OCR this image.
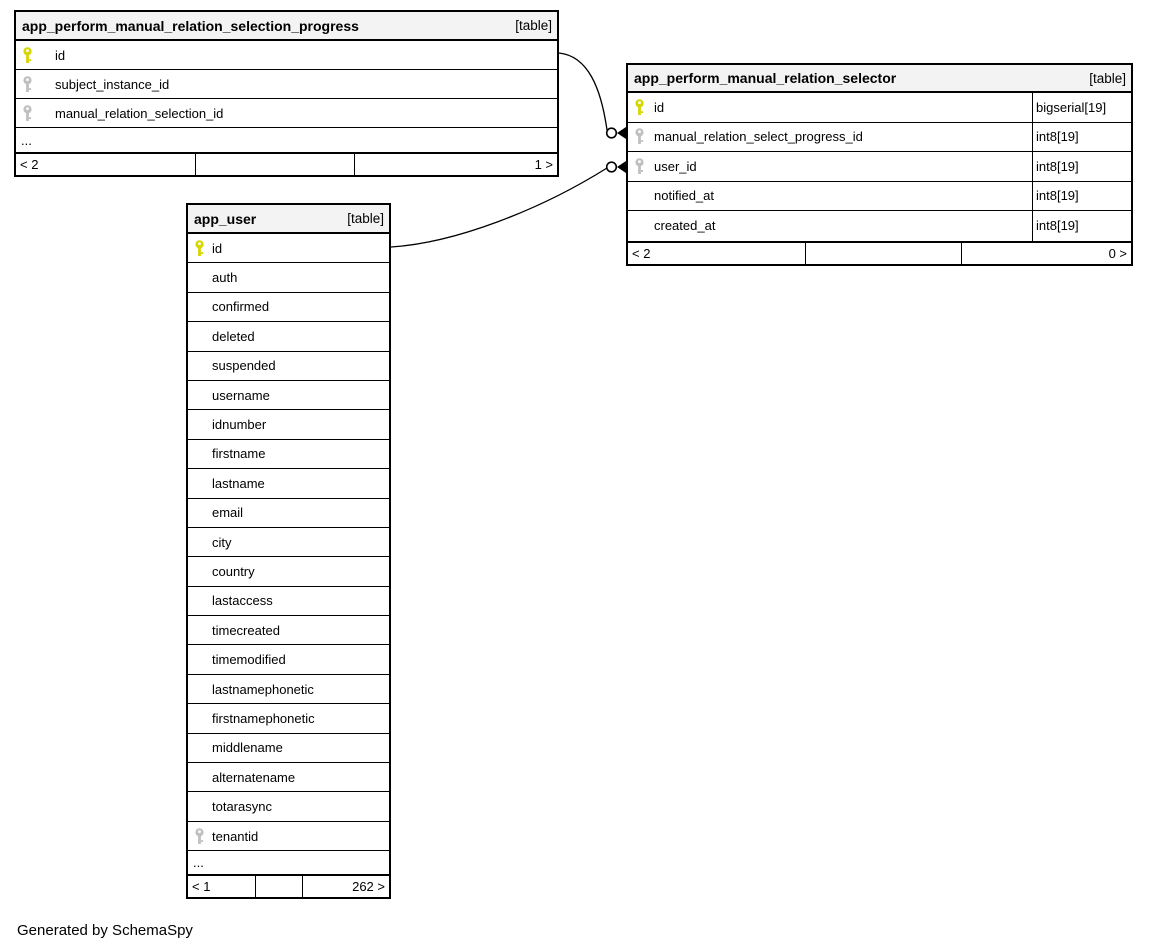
app_perform_manual_relation_selection_progress	[table]
id
subject_instance_id
manual_relation_selection_id
...
< 2	1 >
app_perform_manual_relation_selector	[table]
id	bigserial[19]
manual_relation_select_progress_id	int8[19]
user_id	int8[19]
notified_at	int8[19]
created_at	int8[19]
< 2	0 >
app_user	[table]
id
auth
confirmed
deleted
suspended
username
idnumber
firstname
lastname
email
city
country
lastaccess
timecreated
timemodified
lastnamephonetic
firstnamephonetic
middlename
alternatename
totarasync
tenantid
...
< 1	262 >
Generated by SchemaSpy
